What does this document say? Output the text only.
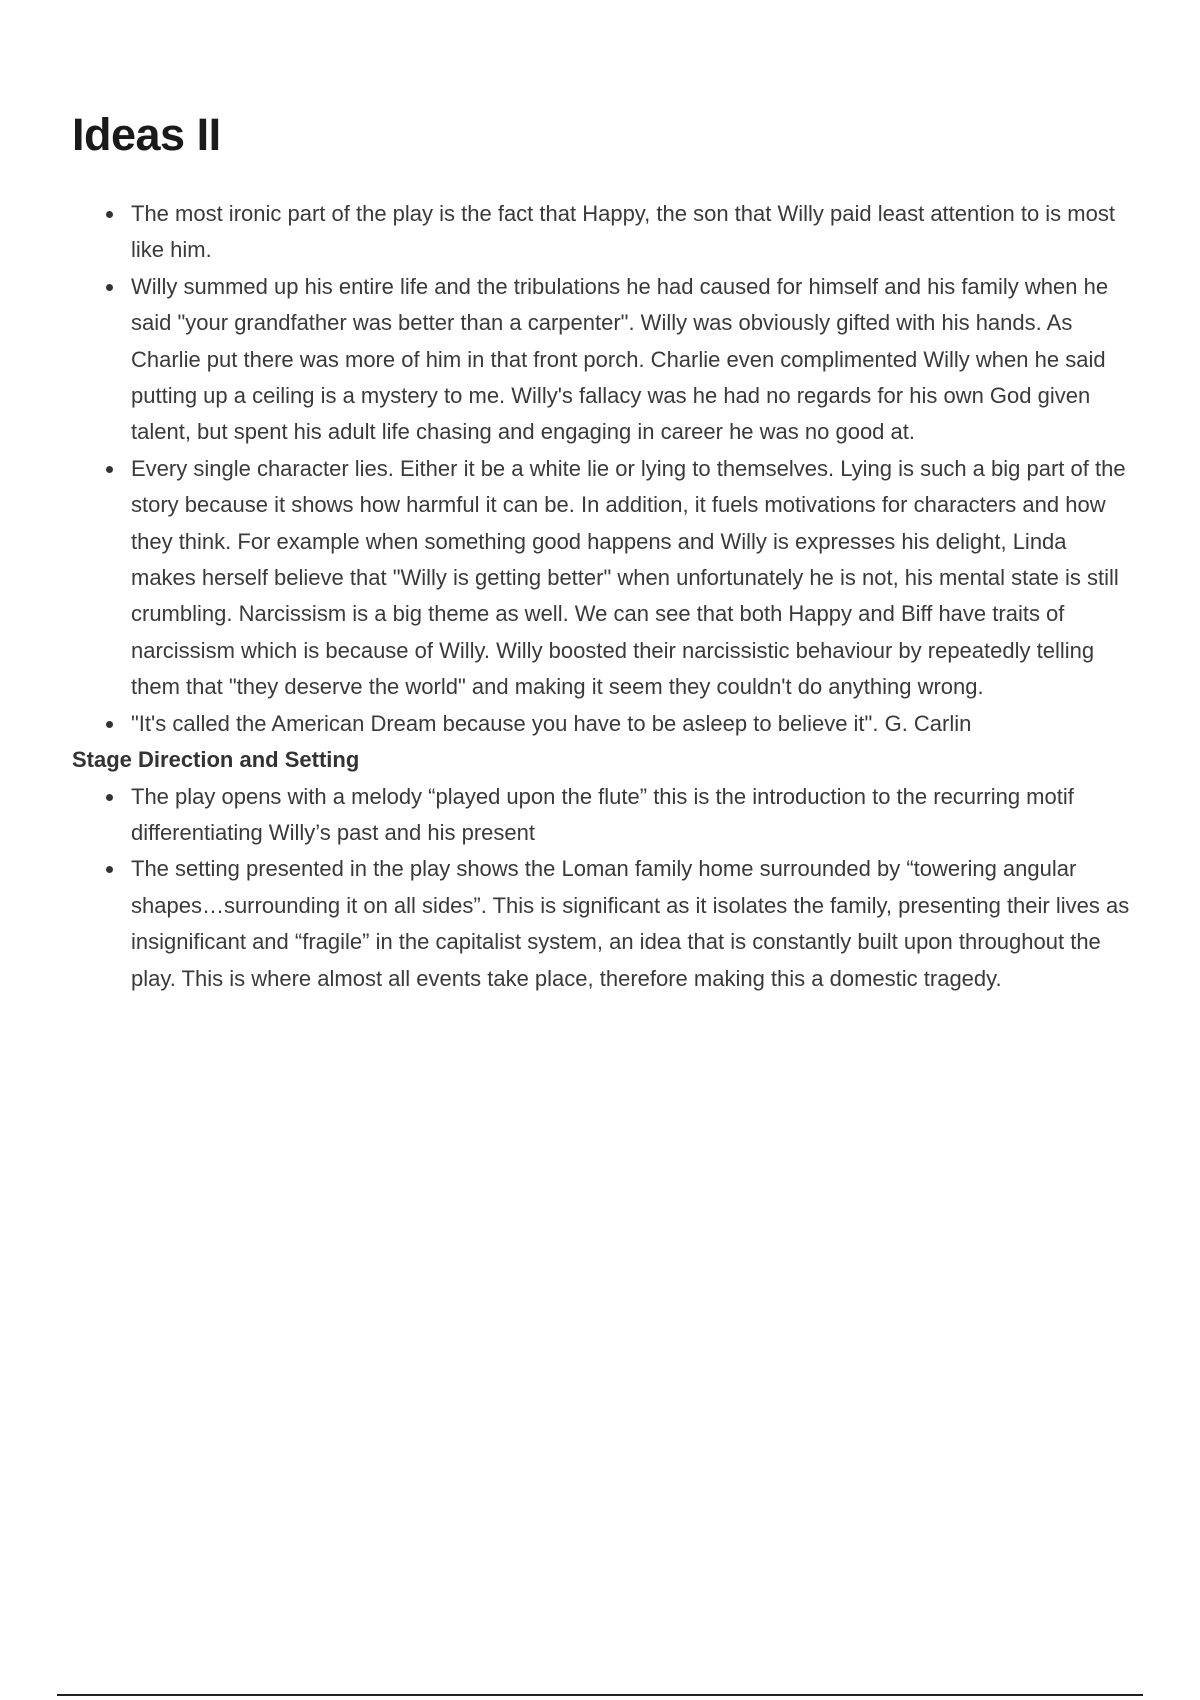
Ideas II
The most ironic part of the play is the fact that Happy, the son that Willy paid least attention to is most like him.
Willy summed up his entire life and the tribulations he had caused for himself and his family when he said "your grandfather was better than a carpenter". Willy was obviously gifted with his hands. As Charlie put there was more of him in that front porch. Charlie even complimented Willy when he said putting up a ceiling is a mystery to me. Willy's fallacy was he had no regards for his own God given talent, but spent his adult life chasing and engaging in career he was no good at.
Every single character lies. Either it be a white lie or lying to themselves. Lying is such a big part of the story because it shows how harmful it can be. In addition, it fuels motivations for characters and how they think. For example when something good happens and Willy is expresses his delight, Linda makes herself believe that "Willy is getting better" when unfortunately he is not, his mental state is still crumbling. Narcissism is a big theme as well. We can see that both Happy and Biff have traits of narcissism which is because of Willy. Willy boosted their narcissistic behaviour by repeatedly telling them that "they deserve the world" and making it seem they couldn't do anything wrong.
"It's called the American Dream because you have to be asleep to believe it". G. Carlin

Stage Direction and Setting

The play opens with a melody “played upon the flute” this is the introduction to the recurring motif differentiating Willy’s past and his present
The setting presented in the play shows the Loman family home surrounded by “towering angular shapes…surrounding it on all sides”. This is significant as it isolates the family, presenting their lives as insignificant and “fragile” in the capitalist system, an idea that is constantly built upon throughout the play. This is where almost all events take place, therefore making this a domestic tragedy.
